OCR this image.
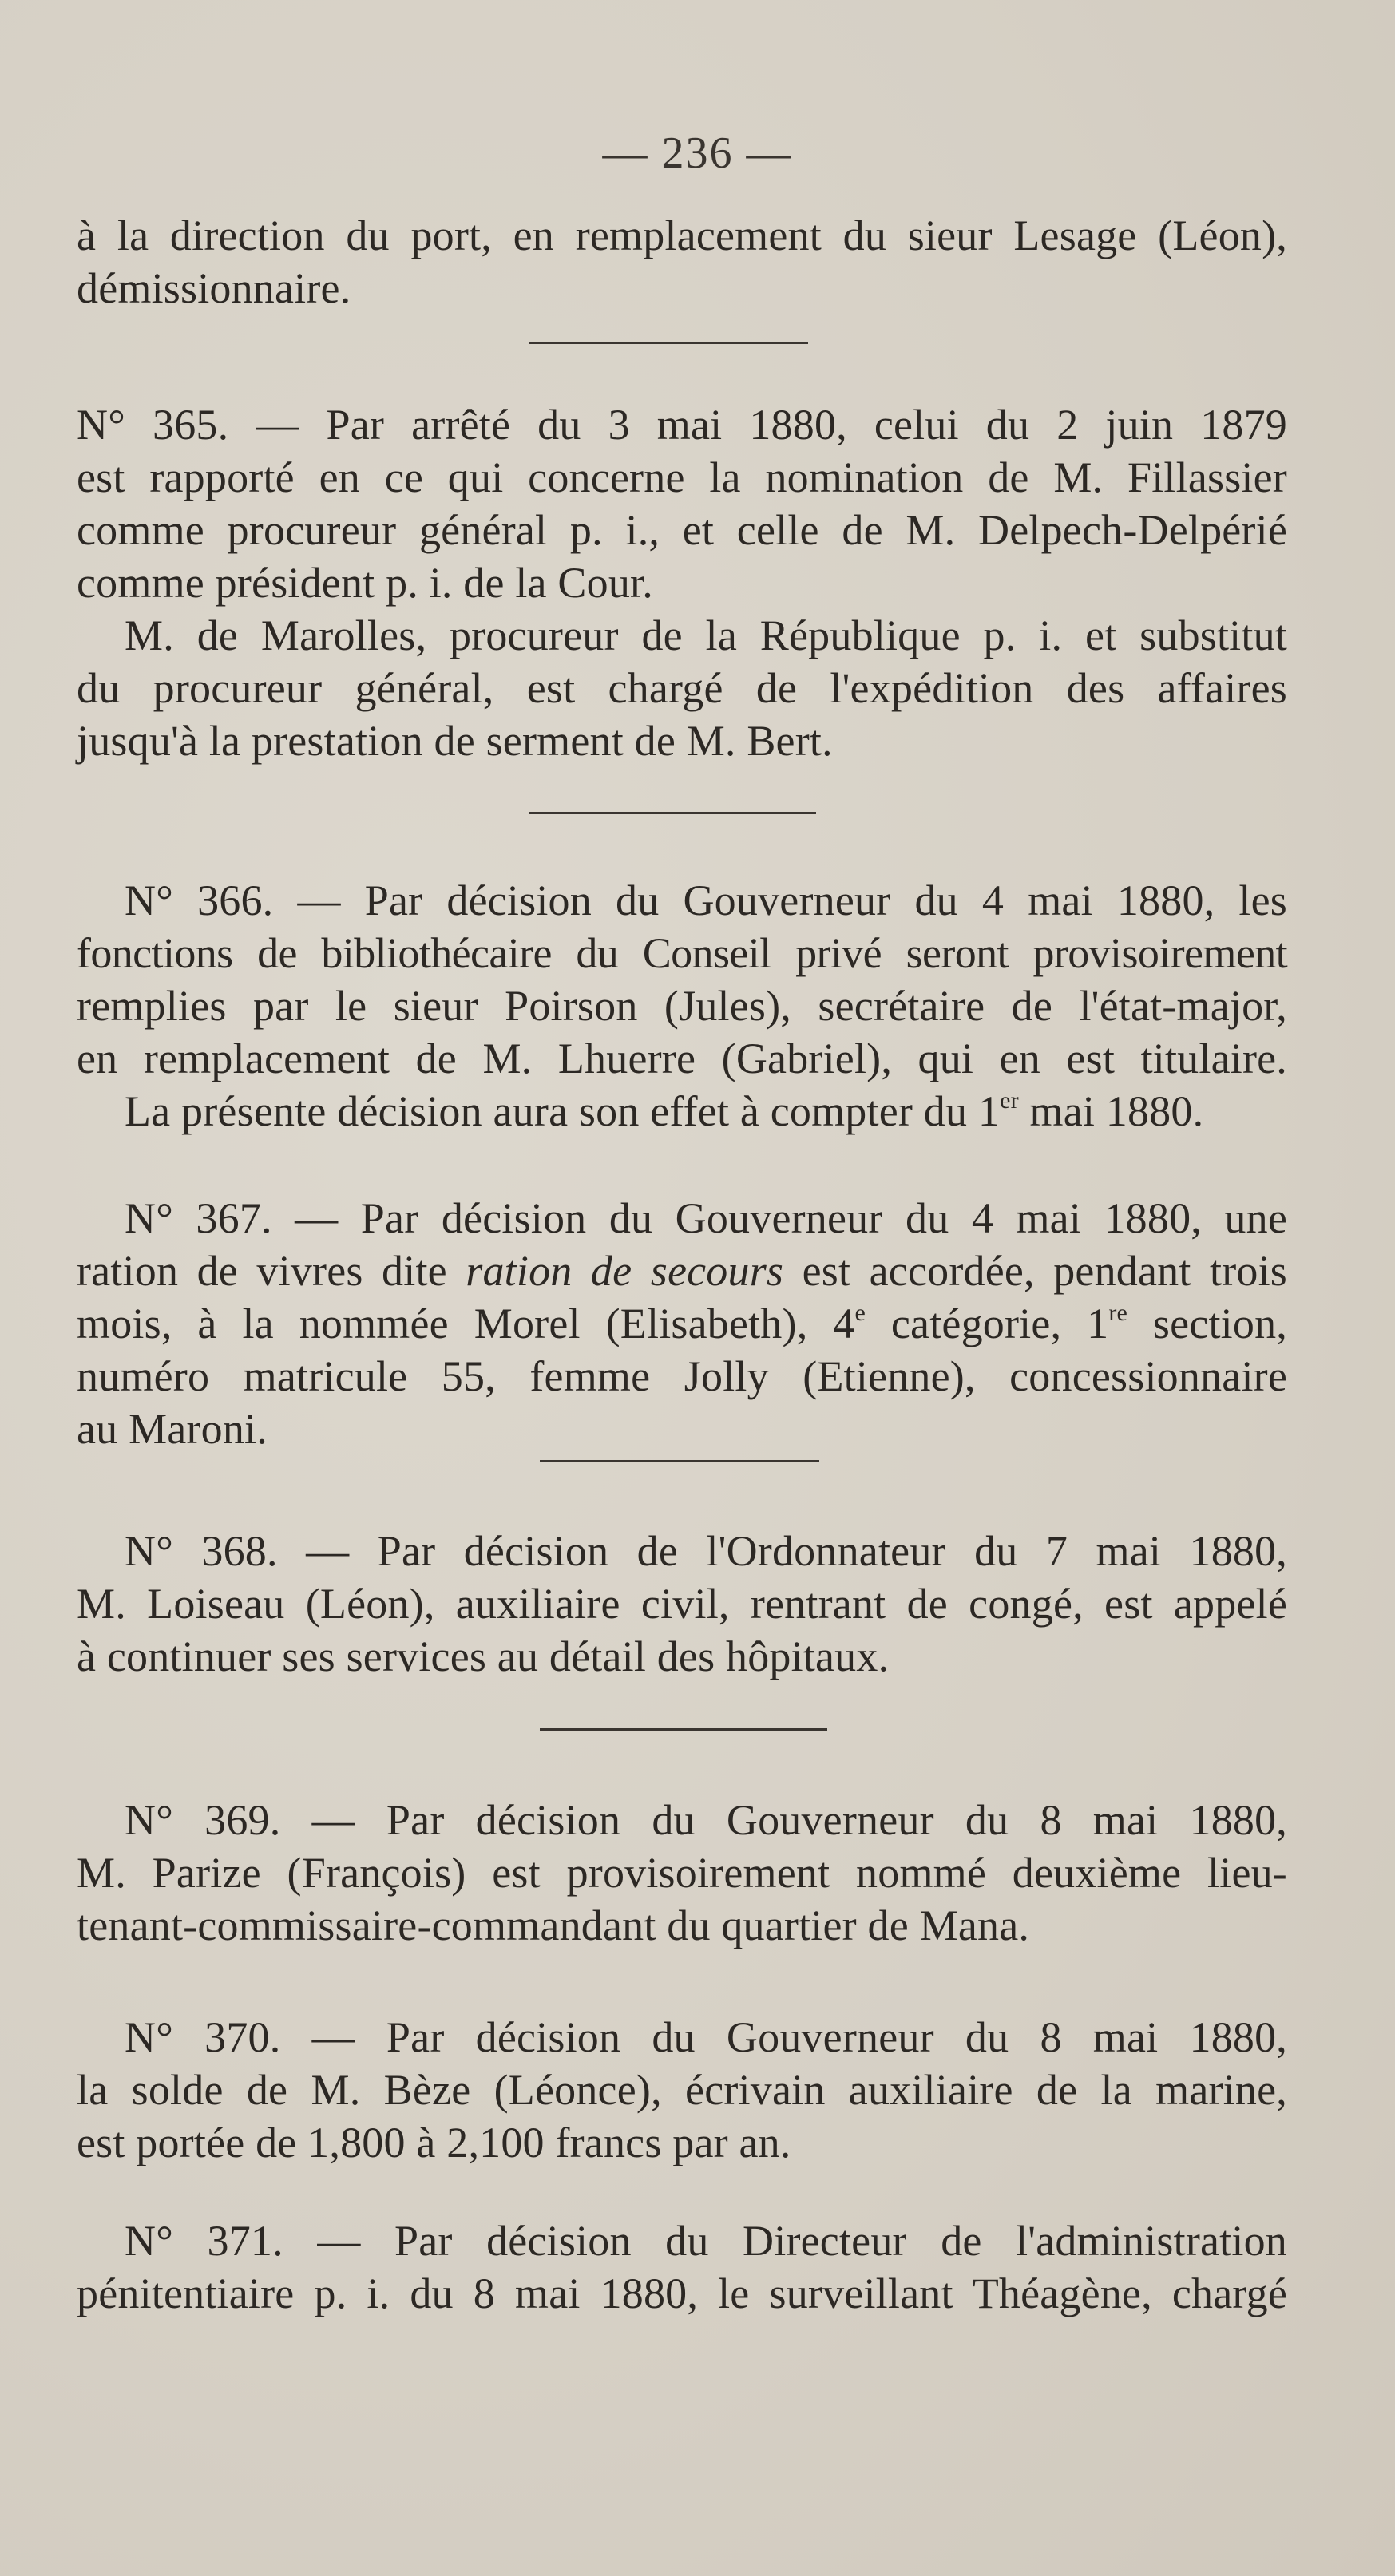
— 236 —
à la direction du port, en remplacement du sieur Lesage (Léon),
démissionnaire.
N° 365. — Par arrêté du 3 mai 1880, celui du 2 juin 1879
est rapporté en ce qui concerne la nomination de M. Fillassier
comme procureur général p. i., et celle de M. Delpech-Delpérié
comme président p. i. de la Cour.
M. de Marolles, procureur de la République p. i. et substitut
du procureur général, est chargé de l'expédition des affaires
jusqu'à la prestation de serment de M. Bert.
N° 366. — Par décision du Gouverneur du 4 mai 1880, les
fonctions de bibliothécaire du Conseil privé seront provisoirement
remplies par le sieur Poirson (Jules), secrétaire de l'état-major,
en remplacement de M. Lhuerre (Gabriel), qui en est titulaire.
La présente décision aura son effet à compter du 1er mai 1880.
N° 367. — Par décision du Gouverneur du 4 mai 1880, une
ration de vivres dite ration de secours est accordée, pendant trois
mois, à la nommée Morel (Elisabeth), 4e catégorie, 1re section,
numéro matricule 55, femme Jolly (Etienne), concessionnaire
au Maroni.
N° 368. — Par décision de l'Ordonnateur du 7 mai 1880,
M. Loiseau (Léon), auxiliaire civil, rentrant de congé, est appelé
à continuer ses services au détail des hôpitaux.
N° 369. — Par décision du Gouverneur du 8 mai 1880,
M. Parize (François) est provisoirement nommé deuxième lieu-
tenant-commissaire-commandant du quartier de Mana.
N° 370. — Par décision du Gouverneur du 8 mai 1880,
la solde de M. Bèze (Léonce), écrivain auxiliaire de la marine,
est portée de 1,800 à 2,100 francs par an.
N° 371. — Par décision du Directeur de l'administration
pénitentiaire p. i. du 8 mai 1880, le surveillant Théagène, chargé
